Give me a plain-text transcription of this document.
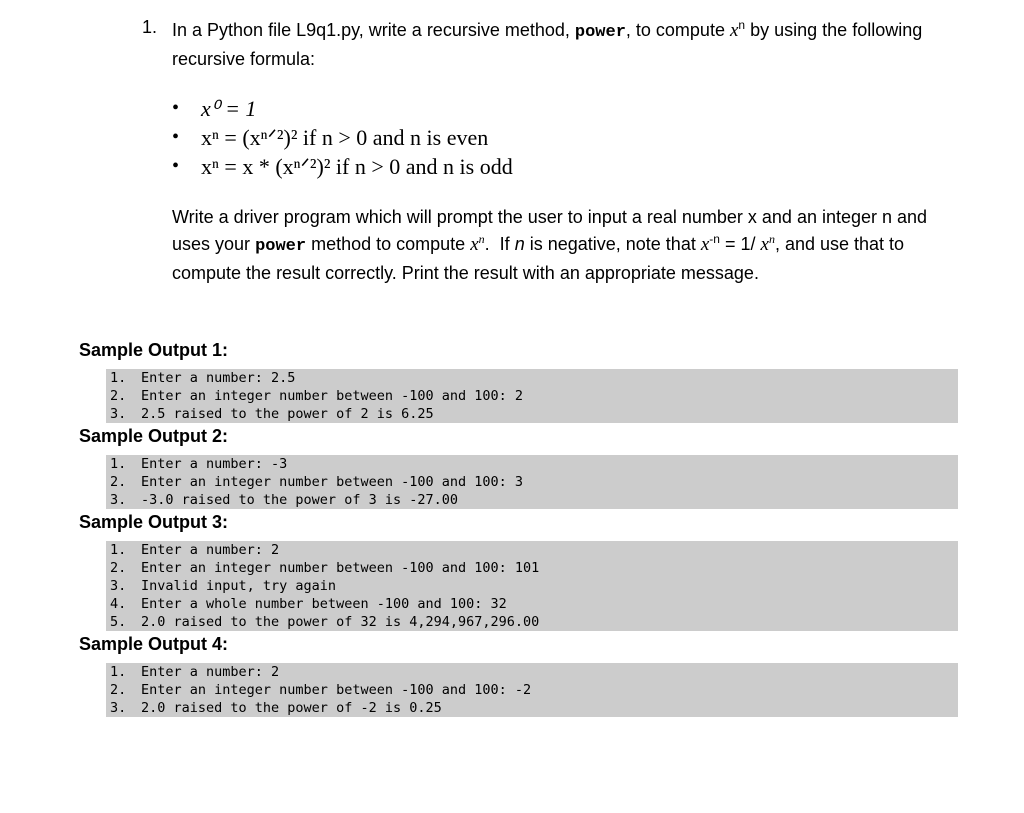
1. In a Python file L9q1.py, write a recursive method, power, to compute $x^n$ by using the following recursive formula:
• x⁰ = 1
• xⁿ = (xⁿᐟ²)² if n > 0 and n is even
• xⁿ = x * (xⁿᐟ²)² if n > 0 and n is odd
Write a driver program which will prompt the user to input a real number x and an integer n and uses your power method to compute $x^n$.  If n is negative, note that $x^{-n} = 1/$ $x^n$, and use that to compute the result correctly. Print the result with an appropriate message.
Sample Output 1:
1. Enter a number: 2.5
2. Enter an integer number between -100 and 100: 2
3. 2.5 raised to the power of 2 is 6.25
Sample Output 2:
1. Enter a number: -3
2. Enter an integer number between -100 and 100: 3
3. -3.0 raised to the power of 3 is -27.00
Sample Output 3:
1. Enter a number: 2
2. Enter an integer number between -100 and 100: 101
3. Invalid input, try again
4. Enter a whole number between -100 and 100: 32
5. 2.0 raised to the power of 32 is 4,294,967,296.00
Sample Output 4:
1. Enter a number: 2
2. Enter an integer number between -100 and 100: -2
3. 2.0 raised to the power of -2 is 0.25
